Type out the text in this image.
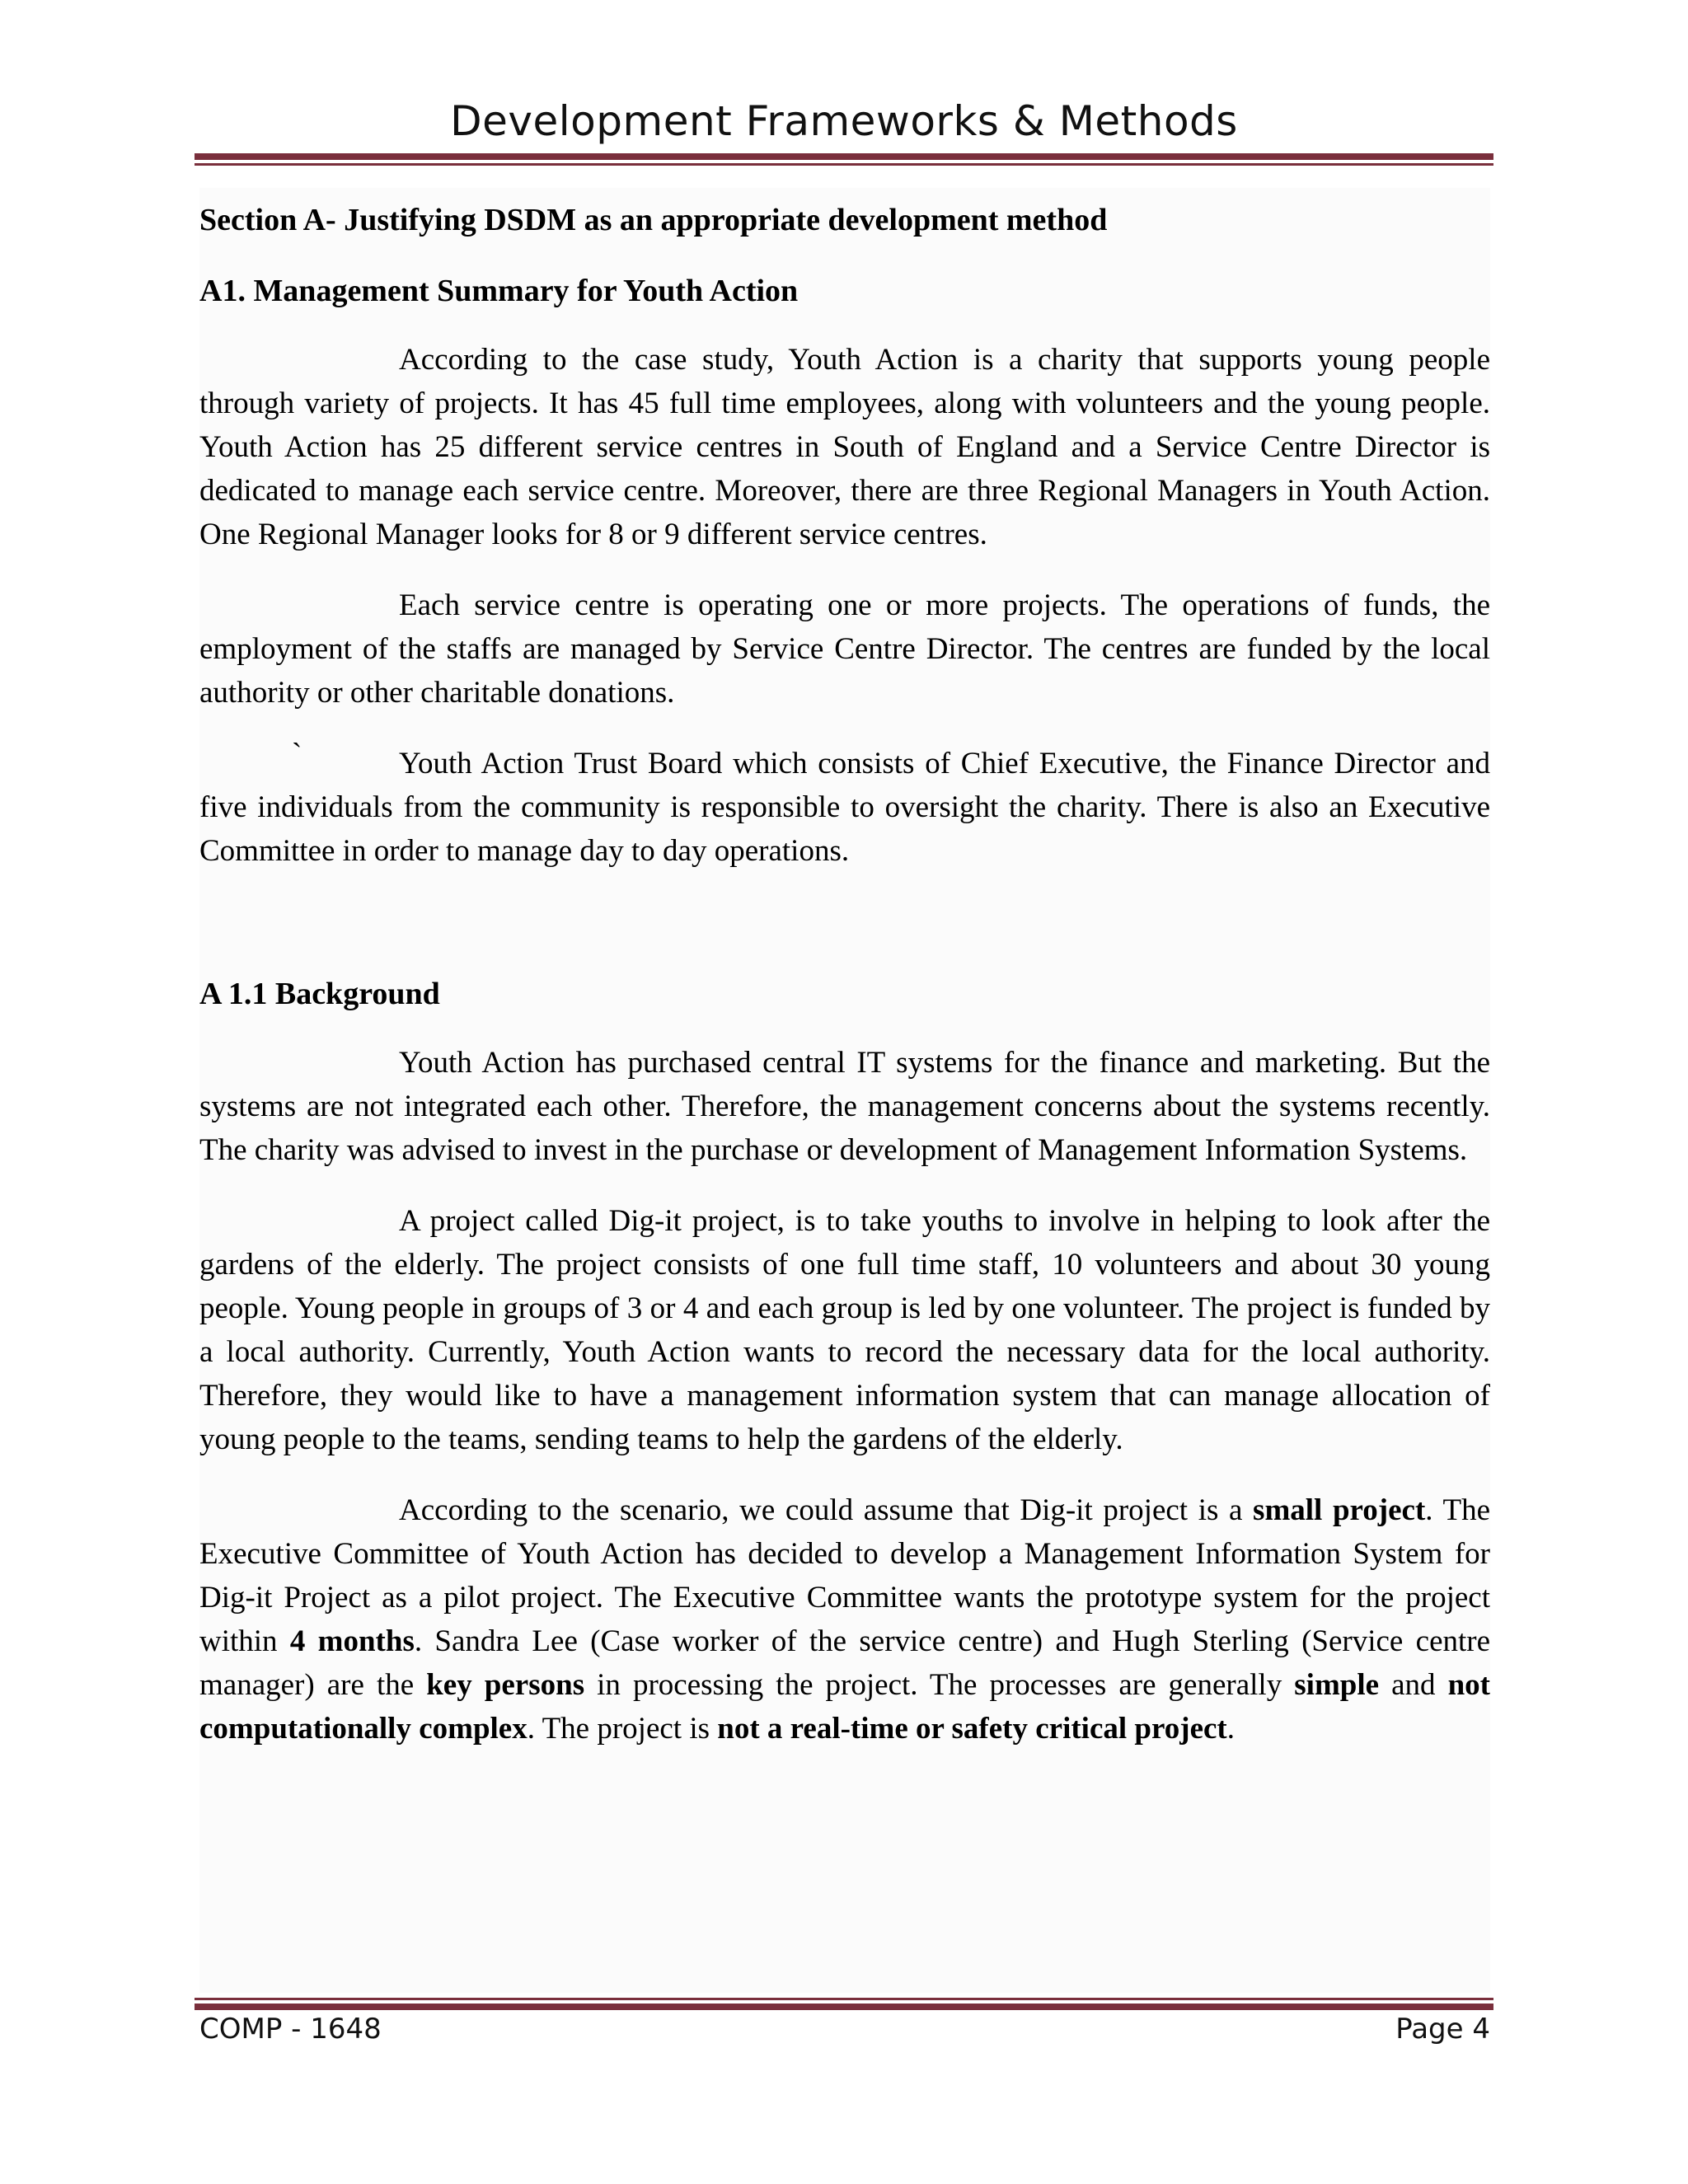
Development Frameworks & Methods
Section A- Justifying DSDM as an appropriate development method
A1. Management Summary for Youth Action

According to the case study, Youth Action is a charity that supports young people through variety of projects. It has 45 full time employees, along with volunteers and the young people. Youth Action has 25 different service centres in South of England and a Service Centre Director is dedicated to manage each service centre. Moreover, there are three Regional Managers in Youth Action. One Regional Manager looks for 8 or 9 different service centres.

Each service centre is operating one or more projects. The operations of funds, the employment of the staffs are managed by Service Centre Director. The centres are funded by the local authority or other charitable donations.

`	Youth Action Trust Board which consists of Chief Executive, the Finance Director and five individuals from the community is responsible to oversight the charity. There is also an Executive Committee in order to manage day to day operations.

A 1.1 Background

Youth Action has purchased central IT systems for the finance and marketing. But the systems are not integrated each other. Therefore, the management concerns about the systems recently. The charity was advised to invest in the purchase or development of Management Information Systems.

A project called Dig-it project, is to take youths to involve in helping to look after the gardens of the elderly. The project consists of one full time staff, 10 volunteers and about 30 young people. Young people in groups of 3 or 4 and each group is led by one volunteer. The project is funded by a local authority. Currently, Youth Action wants to record the necessary data for the local authority. Therefore, they would like to have a management information system that can manage allocation of young people to the teams, sending teams to help the gardens of the elderly.

According to the scenario, we could assume that Dig-it project is a small project. The Executive Committee of Youth Action has decided to develop a Management Information System for Dig-it Project as a pilot project. The Executive Committee wants the prototype system for the project within 4 months. Sandra Lee (Case worker of the service centre) and Hugh Sterling (Service centre manager) are the key persons in processing the project. The processes are generally simple and not computationally complex. The project is not a real-time or safety critical project.

COMP - 1648	Page 4
